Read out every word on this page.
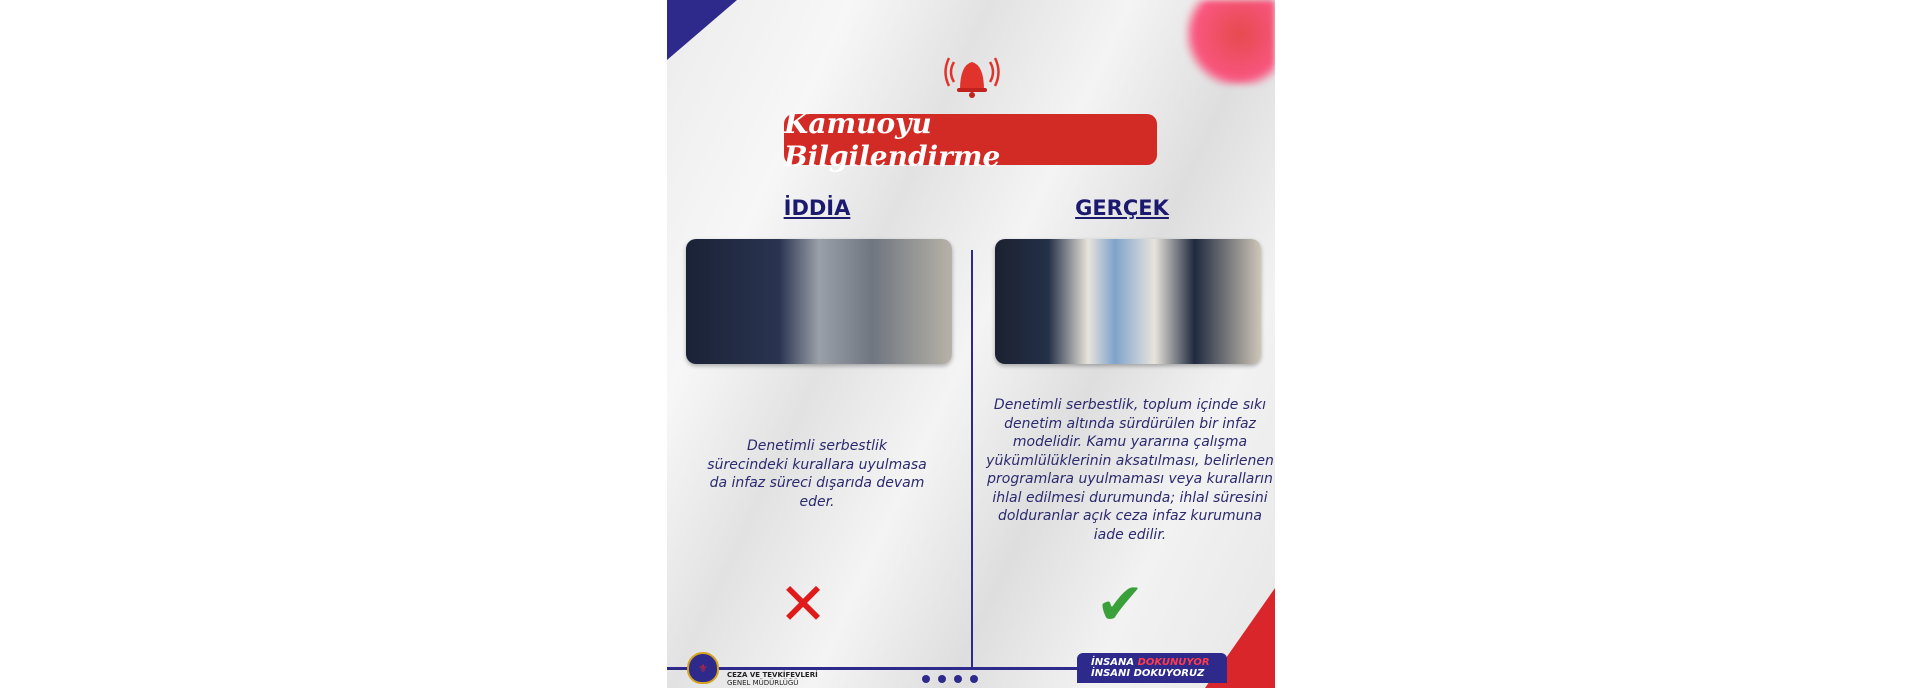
Kamuoyu Bilgilendirme
İDDİA	GERÇEK
Denetimli serbestlik sürecindeki kurallara uyulmasa da infaz süreci dışarıda devam eder.
Denetimli serbestlik, toplum içinde sıkı denetim altında sürdürülen bir infaz modelidir. Kamu yararına çalışma yükümlülüklerinin aksatılması, belirlenen programlara uyulmaması veya kuralların ihlal edilmesi durumunda; ihlal süresini dolduranlar açık ceza infaz kurumuna iade edilir.
✕	✔
⚜
CEZA VE TEVKİFEVLERİ
GENEL MÜDÜRLÜĞÜ
İNSANA DOKUNUYOR
İNSANI DOKUYORUZ
